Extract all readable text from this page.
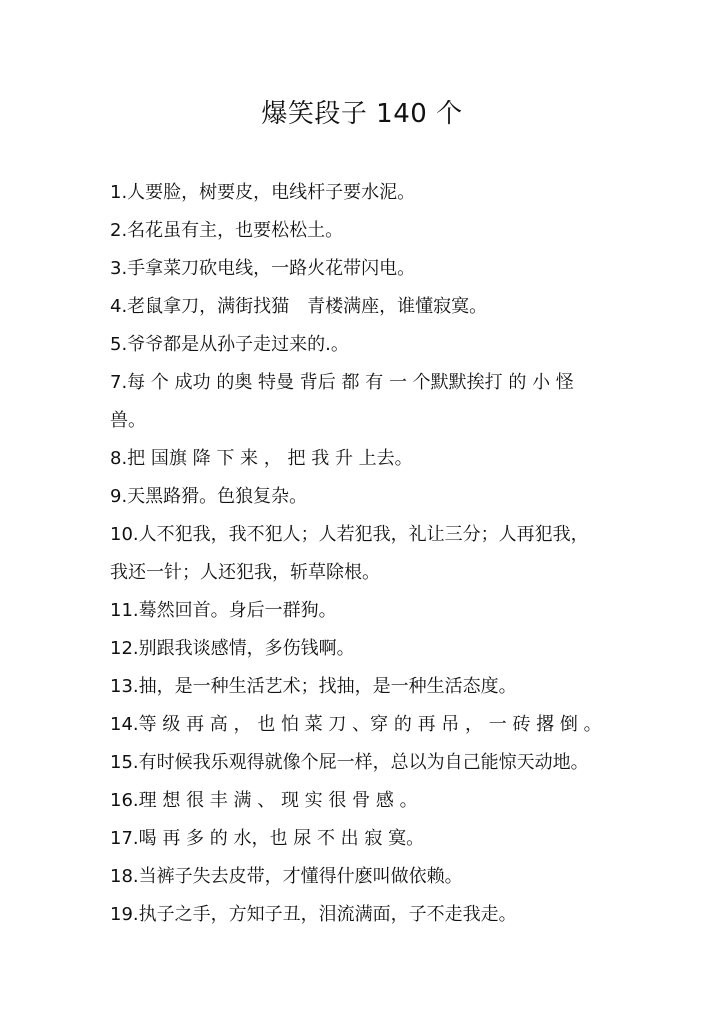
爆笑段子 140 个
1.人要脸，树要皮，电线杆子要水泥。
2.名花虽有主，也要松松土。
3.手拿菜刀砍电线，一路火花带闪电。
4.老鼠拿刀，满街找猫　青楼满座，谁懂寂寞。
5.爷爷都是从孙子走过来的.。
7.每 个 成功 的奥 特曼 背后 都 有 一 个默默挨打 的 小 怪
兽。
8.把 国旗 降 下 来 ， 把 我 升 上去。
9.天黑路猾。色狼复杂。
10.人不犯我，我不犯人；人若犯我，礼让三分；人再犯我，
我还一针；人还犯我，斩草除根。
11.蓦然回首。身后一群狗。
12.别跟我谈感情，多伤钱啊。
13.抽，是一种生活艺术；找抽，是一种生活态度。
14.等 级 再 高 ， 也 怕 菜 刀 、穿 的 再 吊 ， 一 砖 撂 倒 。
15.有时候我乐观得就像个屁一样，总以为自己能惊天动地。
16.理 想 很 丰 满 、 现 实 很 骨 感 。
17.喝 再 多 的 水，也 尿 不 出 寂 寞。
18.当裤子失去皮带，才懂得什麽叫做依赖。
19.执子之手，方知子丑，泪流满面，子不走我走。
